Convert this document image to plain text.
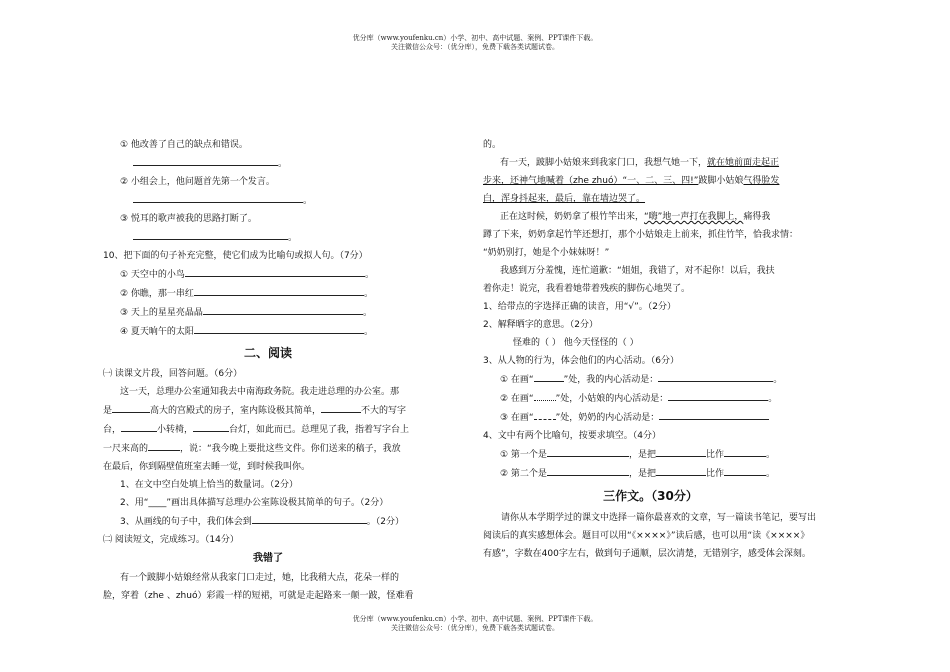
优分库（www.youfenku.cn）小学、初中、高中试题、案例、PPT课件下载。
关注微信公众号：（优分库），免费下载各类试题试卷。

① 他改善了自己的缺点和错误。

。

② 小组会上，他问题首先第一个发言。

。

③ 悦耳的歌声被我的思路打断了。

。

10、把下面的句子补充完整，使它们成为比喻句或拟人句。（7分）

① 天空中的小鸟	。

② 你瞧，那一串红	。

③ 天上的星星亮晶晶	。

④ 夏天晌午的太阳	。

二、阅读

㈠ 读课文片段，回答问题。（6分）

这一天，总理办公室通知我去中南海政务院。我走进总理的办公室。那

是	高大的宫殿式的房子，室内陈设极其简单，	不大的写字

台，	小转椅，	台灯，如此而已。总理见了我，指着写字台上

一尺来高的	，说：“我今晚上要批这些文件。你们送来的稿子，我放

在最后，你到隔壁值班室去睡一觉，到时候我叫你。

1、在文中空白处填上恰当的数量词。（2分）

2、用“____”画出具体描写总理办公室陈设极其简单的句子。（2分）

3、从画线的句子中，我们体会到	。（2分）

㈡ 阅读短文，完成练习。（14分）

我错了

有一个跛脚小姑娘经常从我家门口走过，她，比我稍大点，花朵一样的

脸，穿着（zhe 、zhuó）彩霞一样的短裙，可就是走起路来一颠一跛，怪难看

的。

有一天，跛脚小姑娘来到我家门口，我想气她一下，就在她前面走起正

步来，还神气地喊着（zhe zhuó）“一、二、三、四!”跛脚小姑娘气得脸发

白，浑身抖起来，最后，靠在墙边哭了。

正在这时候，奶奶拿了根竹竿出来，“嗨”地一声打在我脚上，痛得我

蹲了下来，奶奶拿起竹竿还想打，那个小姑娘走上前来，抓住竹竿，恰我求情：

“奶奶别打，她是个小妹妹呀！”

我感到万分羞愧，连忙道歉：“姐姐，我错了，对不起你！以后，我扶

着你走！说完，我看着她带着残疾的脚伤心地哭了。

1、给带点的字选择正确的读音，用“√”。（2分）

2、解释晒字的意思。（2分）

怪难的（ ） 他今天怪怪的（ ）

3、从人物的行为，体会他们的内心活动。（6分）

① 在画“	”处，我的内心活动是：	。

② 在画“ ”处，小姑娘的内心活动是：	。

③ 在画“ ”处，奶奶的内心活动是：

4、文中有两个比喻句，按要求填空。（4分）

① 第一个是	，是把	比作	。

② 第二个是	，是把	比作	。

三作文。（30分）

请你从本学期学过的课文中选择一篇你最喜欢的文章，写一篇读书笔记，要写出阅读后的真实感想体会。题目可以用“《××××》”读后感，也可以用“读《××××》有感”，字数在400字左右，做到句子通顺，层次清楚，无错别字，感受体会深刻。

优分库（www.youfenku.cn）小学、初中、高中试题、案例、PPT课件下载。
关注微信公众号：（优分库），免费下载各类试题试卷。
